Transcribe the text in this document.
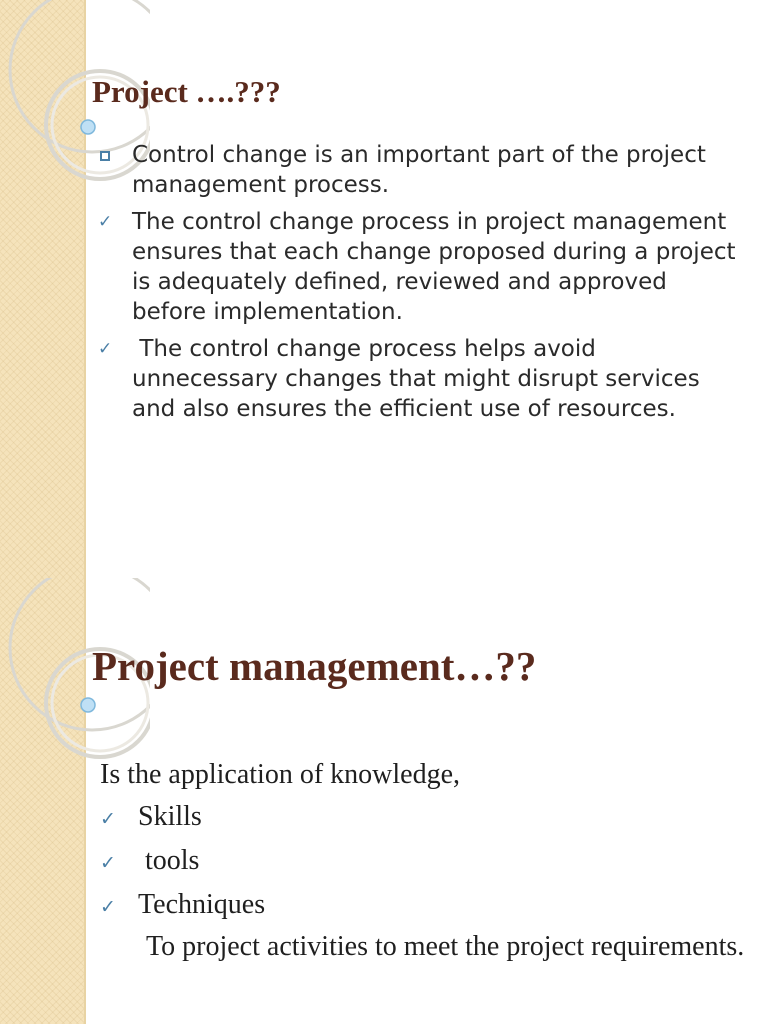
Project ….???
Control change is an important part of the project management process.
✓ The control change process in project management ensures that each change proposed during a project is adequately defined, reviewed and approved before implementation.
✓ The control change process helps avoid unnecessary changes that might disrupt services and also ensures the efficient use of resources.
Project management…??
Is the application of knowledge,
✓ Skills
✓ tools
✓ Techniques
To project activities to meet the project requirements.
